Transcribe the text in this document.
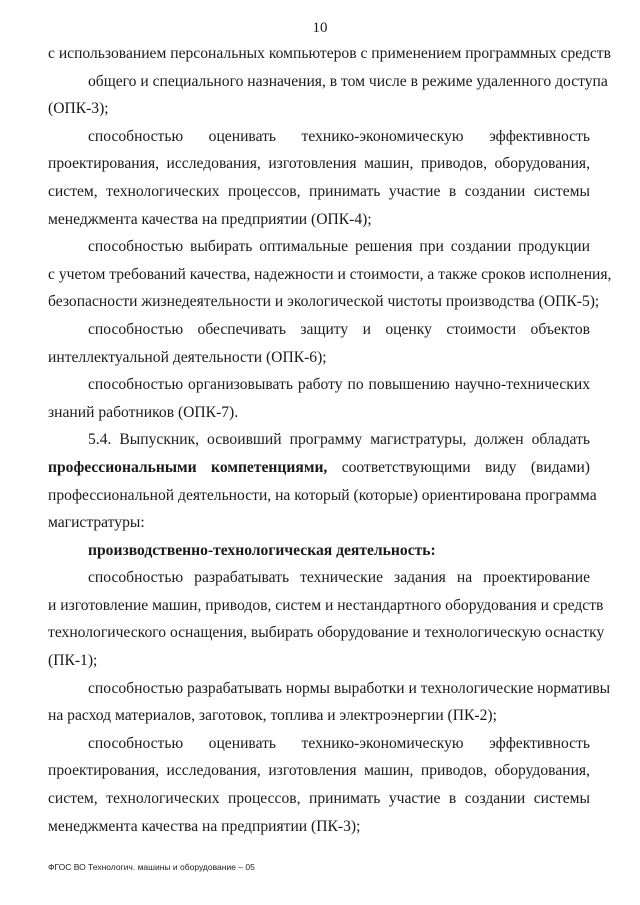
10

с использованием персональных компьютеров с применением программных средств
общего и специального назначения, в том числе в режиме удаленного доступа
(ОПК-3);

способностью оценивать технико-экономическую эффективность
проектирования, исследования, изготовления машин, приводов, оборудования,
систем, технологических процессов, принимать участие в создании системы
менеджмента качества на предприятии (ОПК-4);

способностью выбирать оптимальные решения при создании продукции
с учетом требований качества, надежности и стоимости, а также сроков исполнения,
безопасности жизнедеятельности и экологической чистоты производства (ОПК-5);

способностью обеспечивать защиту и оценку стоимости объектов
интеллектуальной деятельности (ОПК-6);

способностью организовывать работу по повышению научно-технических
знаний работников (ОПК-7).

5.4. Выпускник, освоивший программу магистратуры, должен обладать
профессиональными компетенциями, соответствующими виду (видами)
профессиональной деятельности, на который (которые) ориентирована программа
магистратуры:

производственно-технологическая деятельность:

способностью разрабатывать технические задания на проектирование
и изготовление машин, приводов, систем и нестандартного оборудования и средств
технологического оснащения, выбирать оборудование и технологическую оснастку
(ПК-1);

способностью разрабатывать нормы выработки и технологические нормативы
на расход материалов, заготовок, топлива и электроэнергии (ПК-2);

способностью оценивать технико-экономическую эффективность
проектирования, исследования, изготовления машин, приводов, оборудования,
систем, технологических процессов, принимать участие в создании системы
менеджмента качества на предприятии (ПК-3);

ФГОС ВО Технологич. машины и оборудование – 05
